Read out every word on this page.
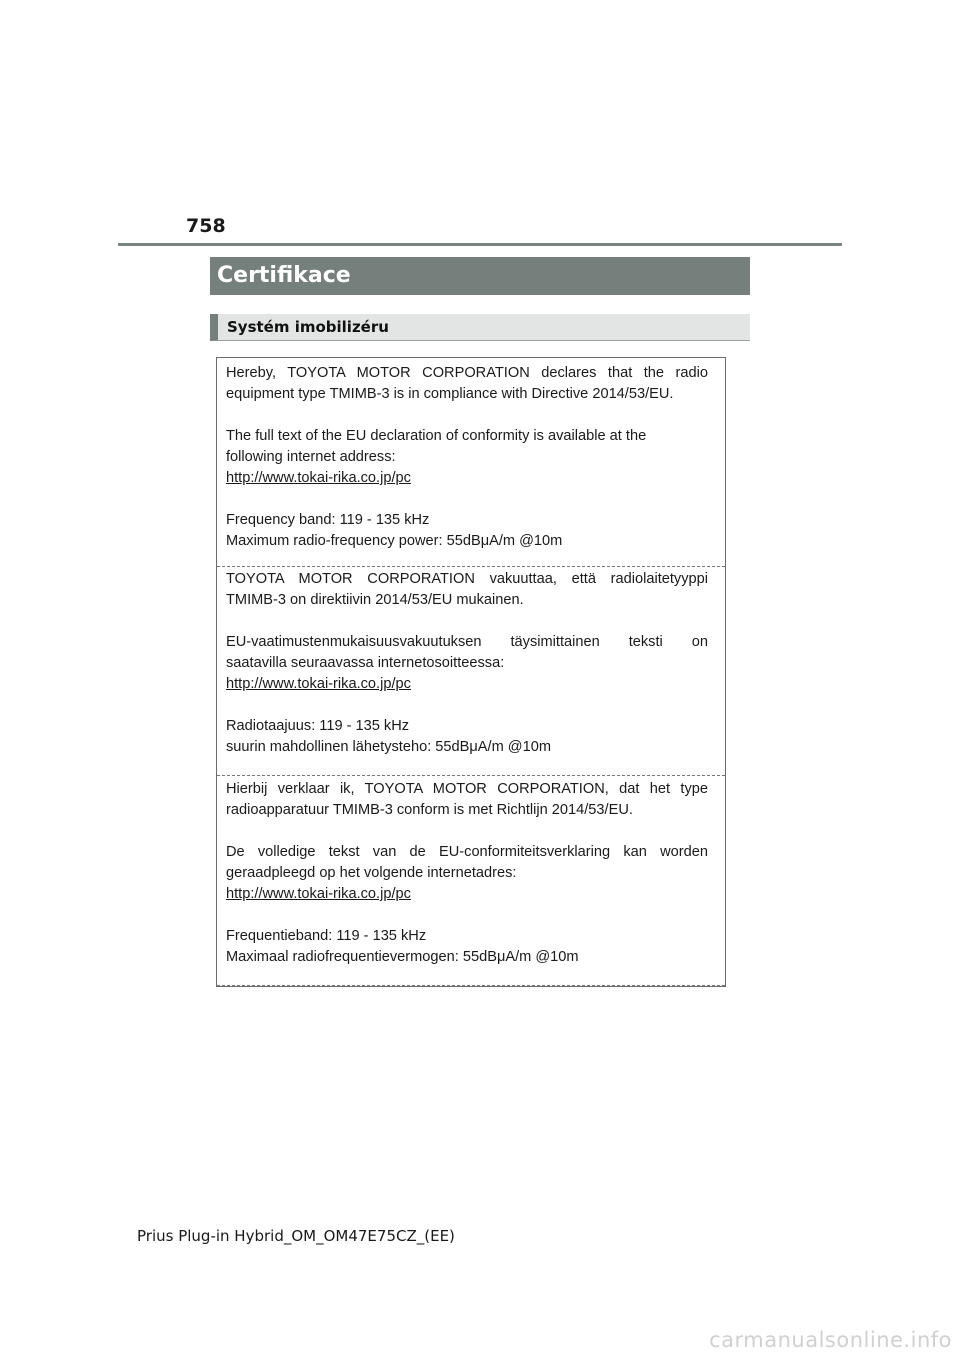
758
Certifikace
Systém imobilizéru

Hereby, TOYOTA MOTOR CORPORATION declares that the radio

equipment type TMIMB-3 is in compliance with Directive 2014/53/EU.

The full text of the EU declaration of conformity is available at the

following internet address:

http://www.tokai-rika.co.jp/pc

Frequency band: 119 - 135 kHz

Maximum radio-frequency power: 55dBμA/m @10m

TOYOTA MOTOR CORPORATION vakuuttaa, että radiolaitetyyppi

TMIMB-3 on direktiivin 2014/53/EU mukainen.

EU-vaatimustenmukaisuusvakuutuksen täysimittainen teksti on

saatavilla seuraavassa internetosoitteessa:

http://www.tokai-rika.co.jp/pc

Radiotaajuus: 119 - 135 kHz

suurin mahdollinen lähetysteho: 55dBμA/m @10m

Hierbij verklaar ik, TOYOTA MOTOR CORPORATION, dat het type

radioapparatuur TMIMB-3 conform is met Richtlijn 2014/53/EU.

De volledige tekst van de EU-conformiteitsverklaring kan worden

geraadpleegd op het volgende internetadres:

http://www.tokai-rika.co.jp/pc

Frequentieband: 119 - 135 kHz

Maximaal radiofrequentievermogen: 55dBμA/m @10m

Prius Plug-in Hybrid_OM_OM47E75CZ_(EE)
carmanualsonline.info
